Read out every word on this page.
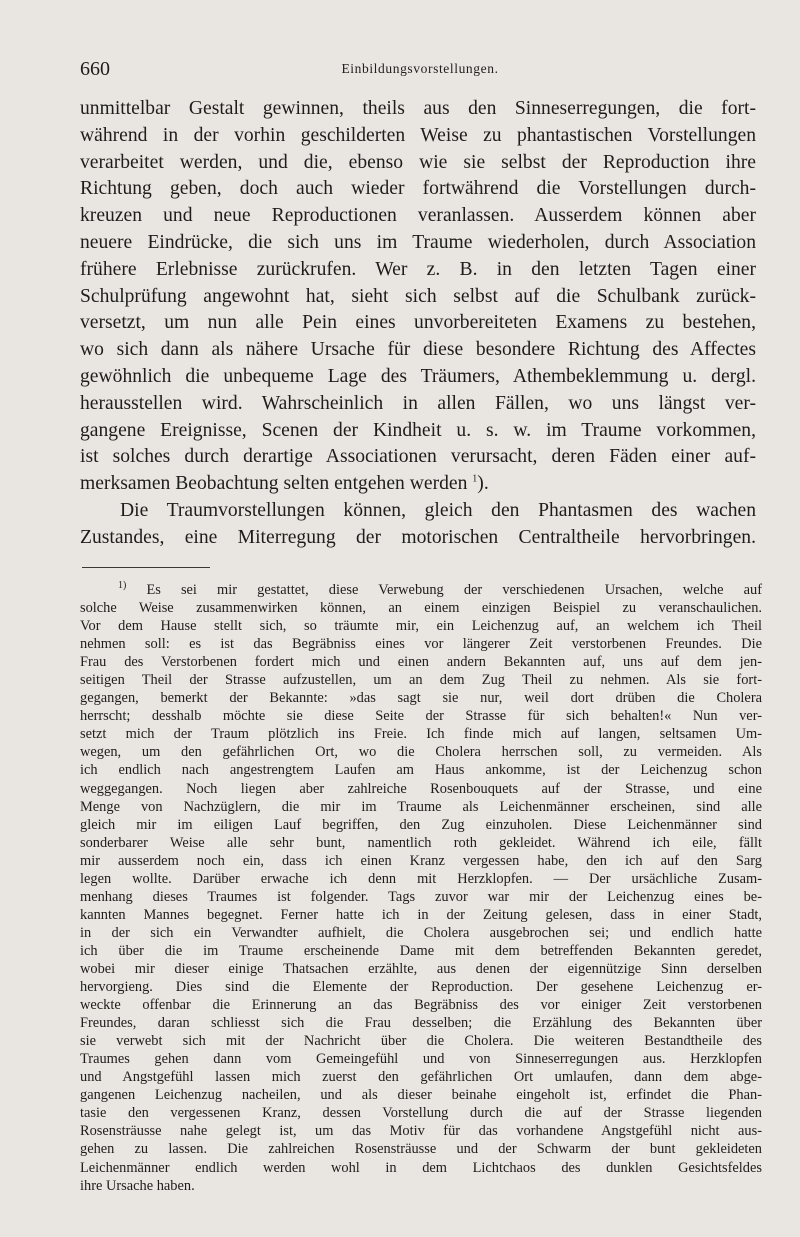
660	Einbildungsvorstellungen.
unmittelbar Gestalt gewinnen, theils aus den Sinneserregungen, die fort-
während in der vorhin geschilderten Weise zu phantastischen Vorstellungen
verarbeitet werden, und die, ebenso wie sie selbst der Reproduction ihre
Richtung geben, doch auch wieder fortwährend die Vorstellungen durch-
kreuzen und neue Reproductionen veranlassen. Ausserdem können aber
neuere Eindrücke, die sich uns im Traume wiederholen, durch Association
frühere Erlebnisse zurückrufen. Wer z. B. in den letzten Tagen einer
Schulprüfung angewohnt hat, sieht sich selbst auf die Schulbank zurück-
versetzt, um nun alle Pein eines unvorbereiteten Examens zu bestehen,
wo sich dann als nähere Ursache für diese besondere Richtung des Affectes
gewöhnlich die unbequeme Lage des Träumers, Athembeklemmung u. dergl.
herausstellen wird. Wahrscheinlich in allen Fällen, wo uns längst ver-
gangene Ereignisse, Scenen der Kindheit u. s. w. im Traume vorkommen,
ist solches durch derartige Associationen verursacht, deren Fäden einer auf-
merksamen Beobachtung selten entgehen werden $^1$).
Die Traumvorstellungen können, gleich den Phantasmen des wachen
Zustandes, eine Miterregung der motorischen Centraltheile hervorbringen.
$^{1)}$ Es sei mir gestattet, diese Verwebung der verschiedenen Ursachen, welche auf
solche Weise zusammenwirken können, an einem einzigen Beispiel zu veranschaulichen.
Vor dem Hause stellt sich, so träumte mir, ein Leichenzug auf, an welchem ich Theil
nehmen soll: es ist das Begräbniss eines vor längerer Zeit verstorbenen Freundes. Die
Frau des Verstorbenen fordert mich und einen andern Bekannten auf, uns auf dem jen-
seitigen Theil der Strasse aufzustellen, um an dem Zug Theil zu nehmen. Als sie fort-
gegangen, bemerkt der Bekannte: »das sagt sie nur, weil dort drüben die Cholera
herrscht; desshalb möchte sie diese Seite der Strasse für sich behalten!« Nun ver-
setzt mich der Traum plötzlich ins Freie. Ich finde mich auf langen, seltsamen Um-
wegen, um den gefährlichen Ort, wo die Cholera herrschen soll, zu vermeiden. Als
ich endlich nach angestrengtem Laufen am Haus ankomme, ist der Leichenzug schon
weggegangen. Noch liegen aber zahlreiche Rosenbouquets auf der Strasse, und eine
Menge von Nachzüglern, die mir im Traume als Leichenmänner erscheinen, sind alle
gleich mir im eiligen Lauf begriffen, den Zug einzuholen. Diese Leichenmänner sind
sonderbarer Weise alle sehr bunt, namentlich roth gekleidet. Während ich eile, fällt
mir ausserdem noch ein, dass ich einen Kranz vergessen habe, den ich auf den Sarg
legen wollte. Darüber erwache ich denn mit Herzklopfen. — Der ursächliche Zusam-
menhang dieses Traumes ist folgender. Tags zuvor war mir der Leichenzug eines be-
kannten Mannes begegnet. Ferner hatte ich in der Zeitung gelesen, dass in einer Stadt,
in der sich ein Verwandter aufhielt, die Cholera ausgebrochen sei; und endlich hatte
ich über die im Traume erscheinende Dame mit dem betreffenden Bekannten geredet,
wobei mir dieser einige Thatsachen erzählte, aus denen der eigennützige Sinn derselben
hervorgieng. Dies sind die Elemente der Reproduction. Der gesehene Leichenzug er-
weckte offenbar die Erinnerung an das Begräbniss des vor einiger Zeit verstorbenen
Freundes, daran schliesst sich die Frau desselben; die Erzählung des Bekannten über
sie verwebt sich mit der Nachricht über die Cholera. Die weiteren Bestandtheile des
Traumes gehen dann vom Gemeingefühl und von Sinneserregungen aus. Herzklopfen
und Angstgefühl lassen mich zuerst den gefährlichen Ort umlaufen, dann dem abge-
gangenen Leichenzug nacheilen, und als dieser beinahe eingeholt ist, erfindet die Phan-
tasie den vergessenen Kranz, dessen Vorstellung durch die auf der Strasse liegenden
Rosensträusse nahe gelegt ist, um das Motiv für das vorhandene Angstgefühl nicht aus-
gehen zu lassen. Die zahlreichen Rosensträusse und der Schwarm der bunt gekleideten
Leichenmänner endlich werden wohl in dem Lichtchaos des dunklen Gesichtsfeldes
ihre Ursache haben.
